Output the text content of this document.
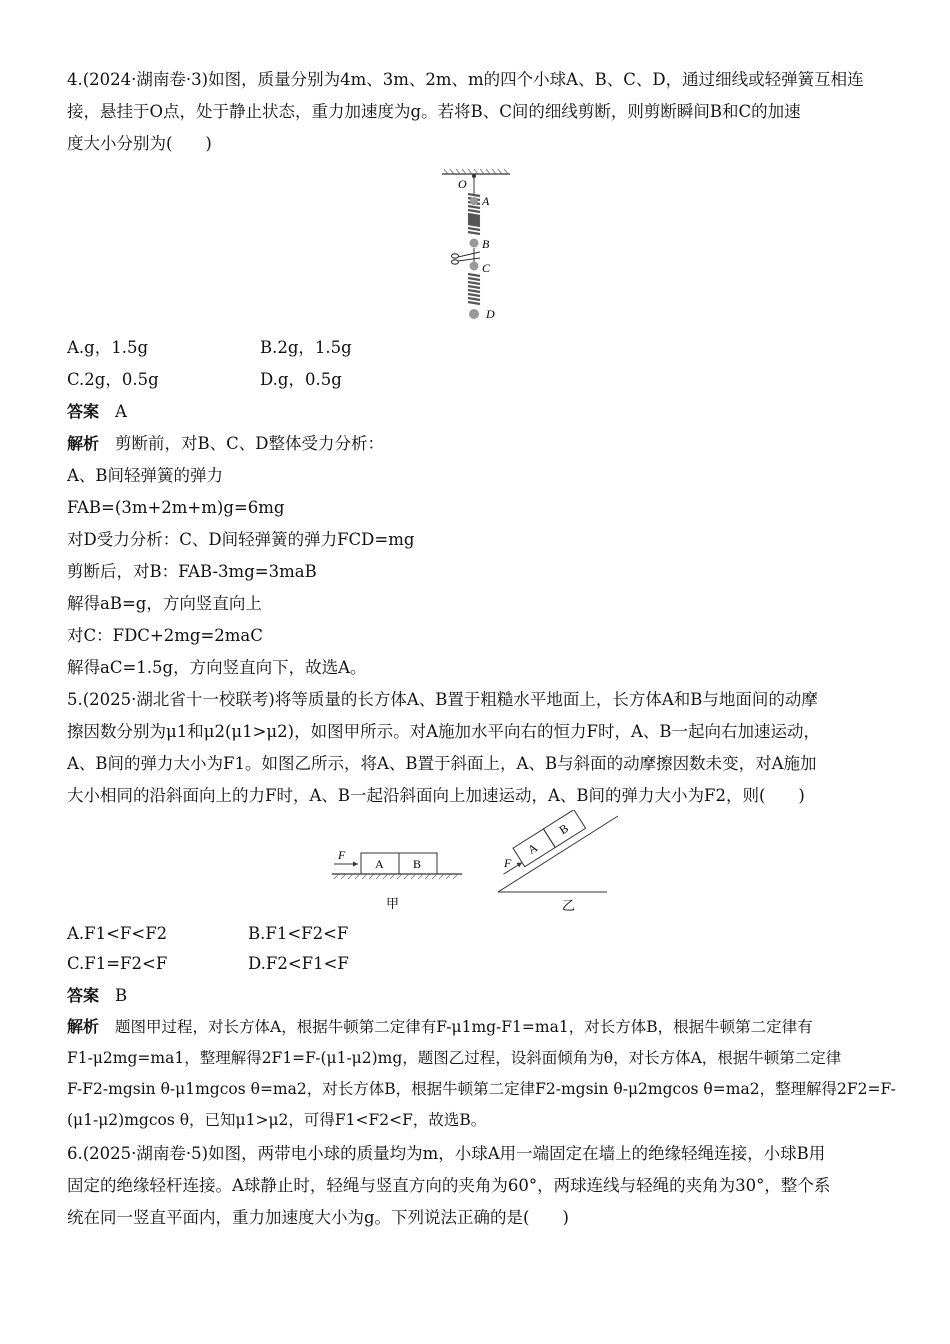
4.(2024·湖南卷·3)如图，质量分别为4m、3m、2m、m的四个小球A、B、C、D，通过细线或轻弹簧互相连

接，悬挂于O点，处于静止状态，重力加速度为g。若将B、C间的细线剪断，则剪断瞬间B和C的加速

度大小分别为(　　)

O
A
B
C
D
A.g，1.5g	B.2g，1.5g
C.2g，0.5g	D.g，0.5g

答案 A

解析 剪断前，对B、C、D整体受力分析：

A、B间轻弹簧的弹力

FAB=(3m+2m+m)g=6mg

对D受力分析：C、D间轻弹簧的弹力FCD=mg

剪断后，对B：FAB-3mg=3maB

解得aB=g，方向竖直向上

对C：FDC+2mg=2maC

解得aC=1.5g，方向竖直向下，故选A。

5.(2025·湖北省十一校联考)将等质量的长方体A、B置于粗糙水平地面上，长方体A和B与地面间的动摩

擦因数分别为μ1和μ2(μ1>μ2)，如图甲所示。对A施加水平向右的恒力F时，A、B一起向右加速运动，

A、B间的弹力大小为F1。如图乙所示，将A、B置于斜面上，A、B与斜面的动摩擦因数未变，对A施加

大小相同的沿斜面向上的力F时，A、B一起沿斜面向上加速运动，A、B间的弹力大小为F2，则(　　)

F
A B
甲
A
B
F
乙
A.F1<F<F2	B.F1<F2<F
C.F1=F2<F	D.F2<F1<F

答案 B

解析 题图甲过程，对长方体A，根据牛顿第二定律有F-μ1mg-F1=ma1，对长方体B，根据牛顿第二定律有

F1-μ2mg=ma1，整理解得2F1=F-(μ1-μ2)mg，题图乙过程，设斜面倾角为θ，对长方体A，根据牛顿第二定律

F-F2-mgsin θ-μ1mgcos θ=ma2，对长方体B，根据牛顿第二定律F2-mgsin θ-μ2mgcos θ=ma2，整理解得2F2=F-

(μ1-μ2)mgcos θ，已知μ1>μ2，可得F1<F2<F，故选B。

6.(2025·湖南卷·5)如图，两带电小球的质量均为m，小球A用一端固定在墙上的绝缘轻绳连接，小球B用

固定的绝缘轻杆连接。A球静止时，轻绳与竖直方向的夹角为60°，两球连线与轻绳的夹角为30°，整个系

统在同一竖直平面内，重力加速度大小为g。下列说法正确的是(　　)
